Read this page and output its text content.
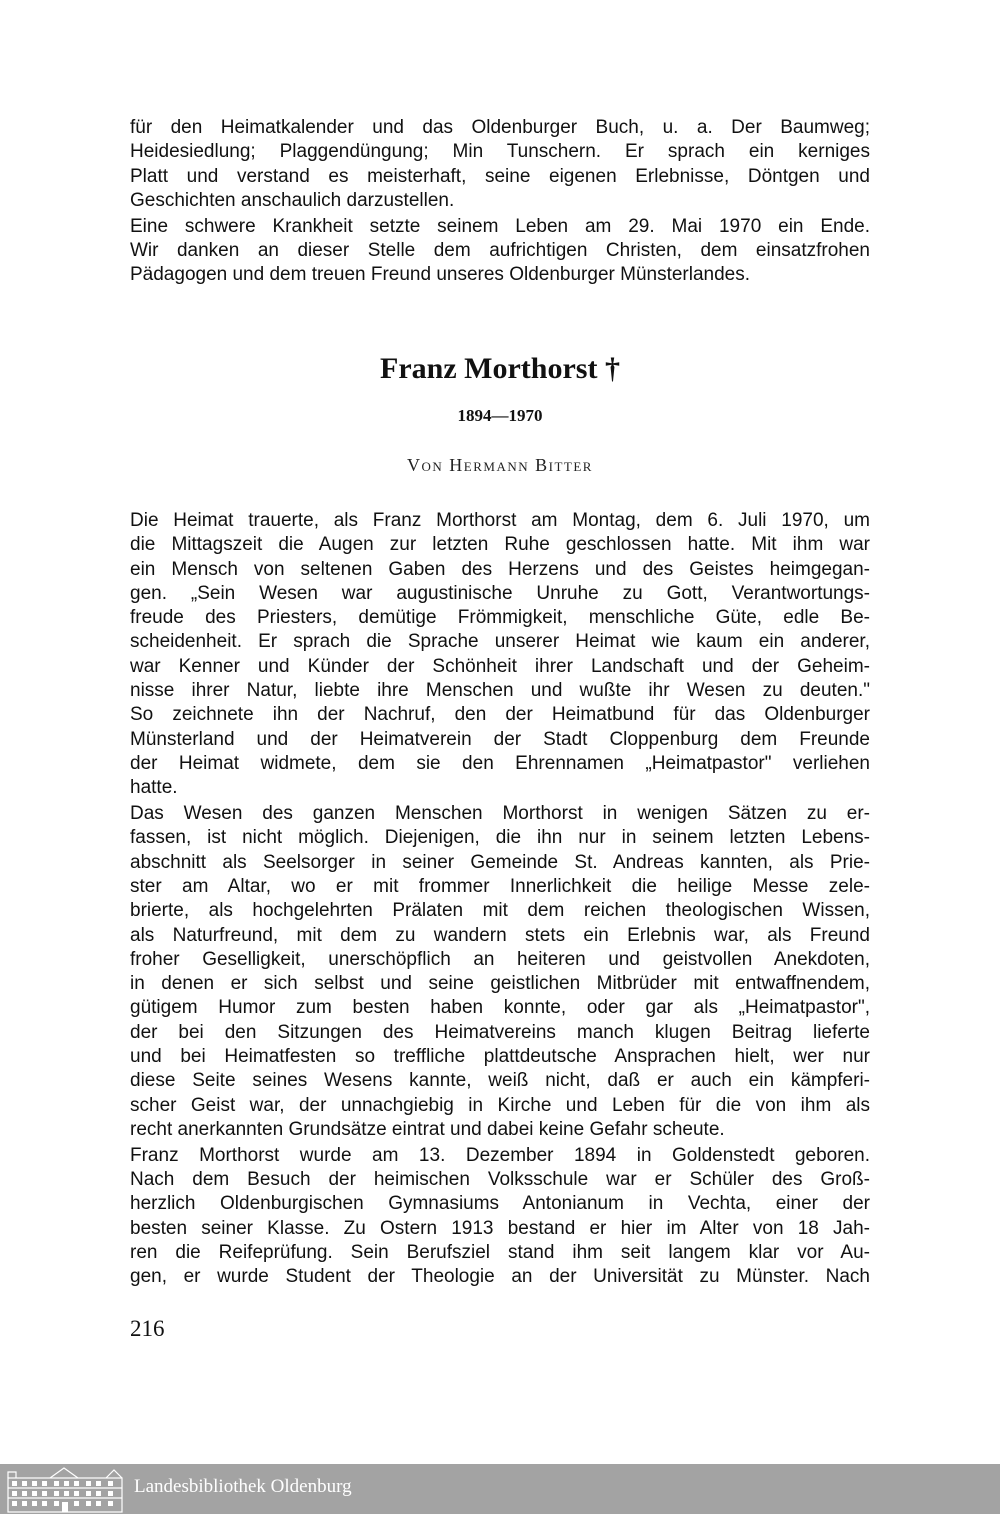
für den Heimatkalender und das Oldenburger Buch, u. a. Der Baumweg;
Heidesiedlung; Plaggendüngung; Min Tunschern. Er sprach ein kerniges
Platt und verstand es meisterhaft, seine eigenen Erlebnisse, Döntgen und
Geschichten anschaulich darzustellen.
Eine schwere Krankheit setzte seinem Leben am 29. Mai 1970 ein Ende.
Wir danken an dieser Stelle dem aufrichtigen Christen, dem einsatzfrohen
Pädagogen und dem treuen Freund unseres Oldenburger Münsterlandes.
Franz Morthorst †
1894—1970
Von Hermann Bitter
Die Heimat trauerte, als Franz Morthorst am Montag, dem 6. Juli 1970, um
die Mittagszeit die Augen zur letzten Ruhe geschlossen hatte. Mit ihm war
ein Mensch von seltenen Gaben des Herzens und des Geistes heimgegan-
gen. „Sein Wesen war augustinische Unruhe zu Gott, Verantwortungs-
freude des Priesters, demütige Frömmigkeit, menschliche Güte, edle Be-
scheidenheit. Er sprach die Sprache unserer Heimat wie kaum ein anderer,
war Kenner und Künder der Schönheit ihrer Landschaft und der Geheim-
nisse ihrer Natur, liebte ihre Menschen und wußte ihr Wesen zu deuten."
So zeichnete ihn der Nachruf, den der Heimatbund für das Oldenburger
Münsterland und der Heimatverein der Stadt Cloppenburg dem Freunde
der Heimat widmete, dem sie den Ehrennamen „Heimatpastor" verliehen
hatte.
Das Wesen des ganzen Menschen Morthorst in wenigen Sätzen zu er-
fassen, ist nicht möglich. Diejenigen, die ihn nur in seinem letzten Lebens-
abschnitt als Seelsorger in seiner Gemeinde St. Andreas kannten, als Prie-
ster am Altar, wo er mit frommer Innerlichkeit die heilige Messe zele-
brierte, als hochgelehrten Prälaten mit dem reichen theologischen Wissen,
als Naturfreund, mit dem zu wandern stets ein Erlebnis war, als Freund
froher Geselligkeit, unerschöpflich an heiteren und geistvollen Anekdoten,
in denen er sich selbst und seine geistlichen Mitbrüder mit entwaffnendem,
gütigem Humor zum besten haben konnte, oder gar als „Heimatpastor",
der bei den Sitzungen des Heimatvereins manch klugen Beitrag lieferte
und bei Heimatfesten so treffliche plattdeutsche Ansprachen hielt, wer nur
diese Seite seines Wesens kannte, weiß nicht, daß er auch ein kämpferi-
scher Geist war, der unnachgiebig in Kirche und Leben für die von ihm als
recht anerkannten Grundsätze eintrat und dabei keine Gefahr scheute.
Franz Morthorst wurde am 13. Dezember 1894 in Goldenstedt geboren.
Nach dem Besuch der heimischen Volksschule war er Schüler des Groß-
herzlich Oldenburgischen Gymnasiums Antonianum in Vechta, einer der
besten seiner Klasse. Zu Ostern 1913 bestand er hier im Alter von 18 Jah-
ren die Reifeprüfung. Sein Berufsziel stand ihm seit langem klar vor Au-
gen, er wurde Student der Theologie an der Universität zu Münster. Nach
216
Landesbibliothek Oldenburg
